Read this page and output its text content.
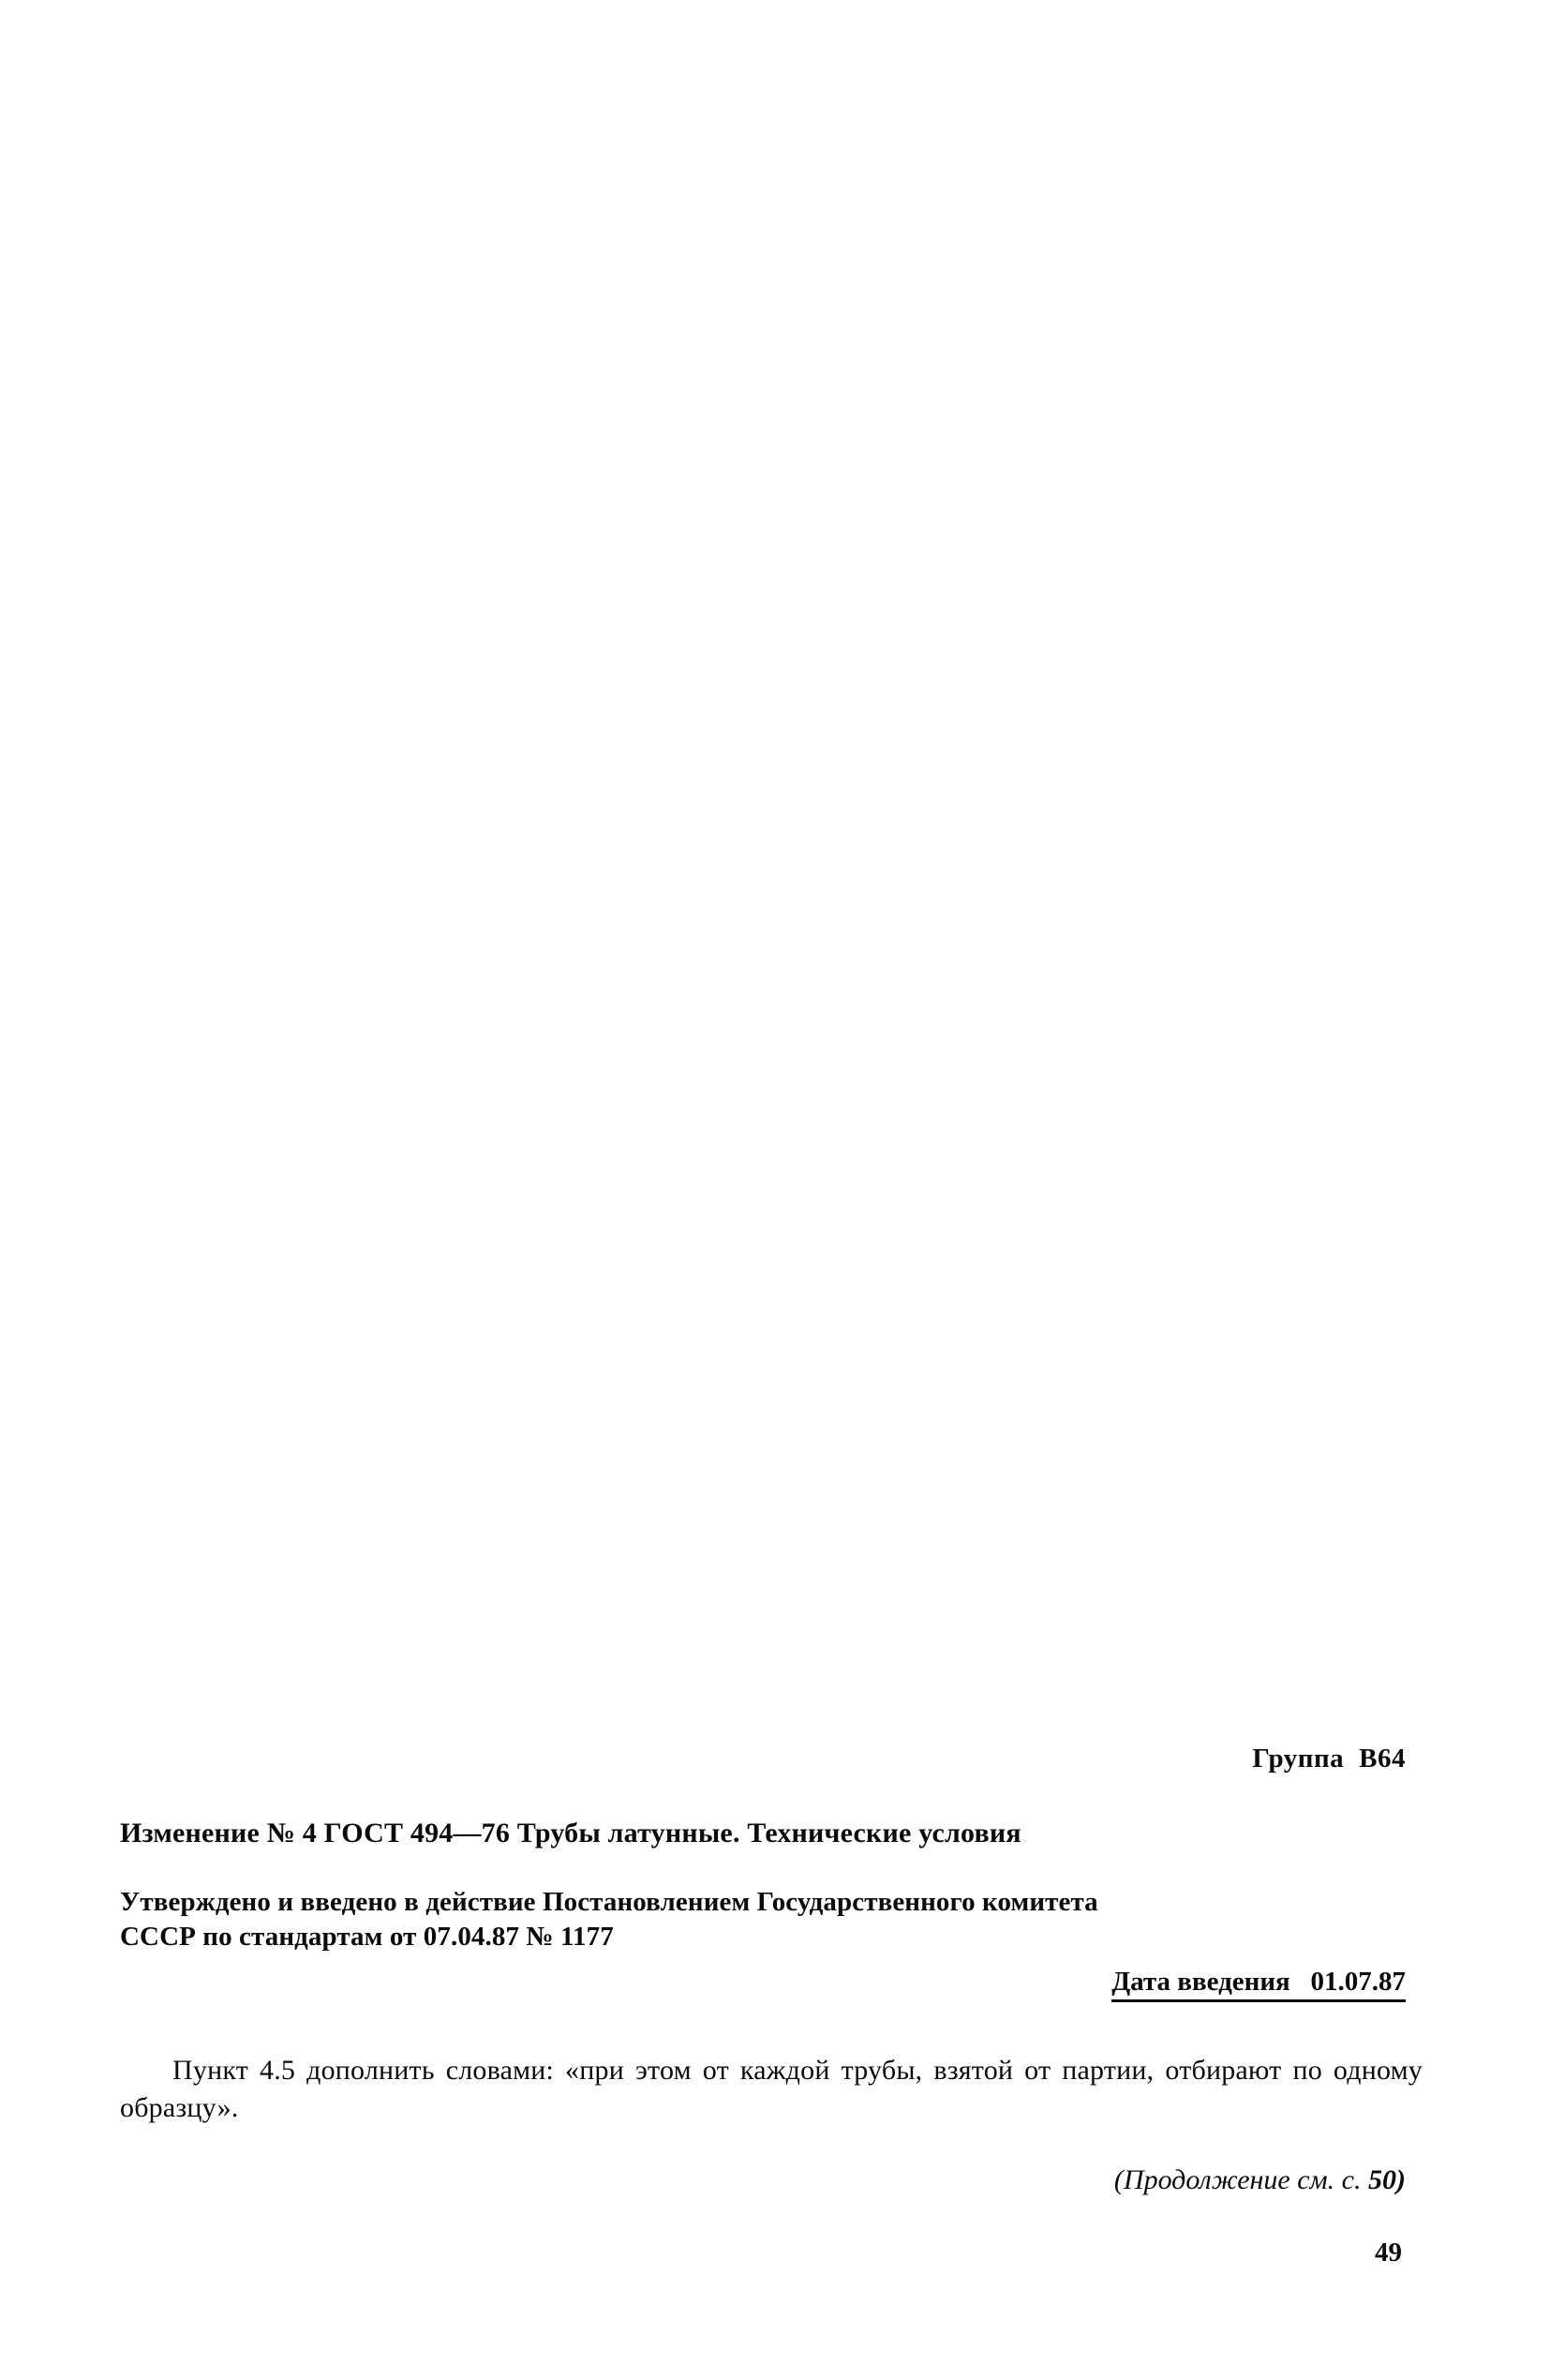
Группа В64

Изменение № 4 ГОСТ 494—76 Трубы латунные. Технические условия

Утверждено и введено в действие Постановлением Государственного комитета
СССР по стандартам от 07.04.87 № 1177

Дата введения 01.07.87

Пункт 4.5 дополнить словами: «при этом от каждой трубы, взятой от партии, отбирают по одному образцу».

(Продолжение см. с. 50)

49
